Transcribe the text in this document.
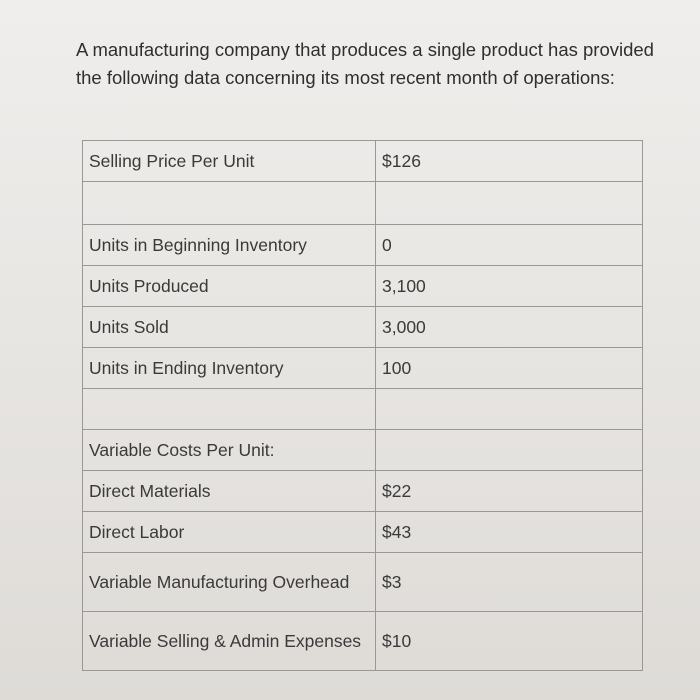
A manufacturing company that produces a single product has provided the following data concerning its most recent month of operations:
Selling Price Per Unit	$126

Units in Beginning Inventory	0
Units Produced	3,100
Units Sold	3,000
Units in Ending Inventory	100

Variable Costs Per Unit:	
Direct Materials	$22
Direct Labor	$43
Variable Manufacturing Overhead	$3
Variable Selling & Admin Expenses	$10
